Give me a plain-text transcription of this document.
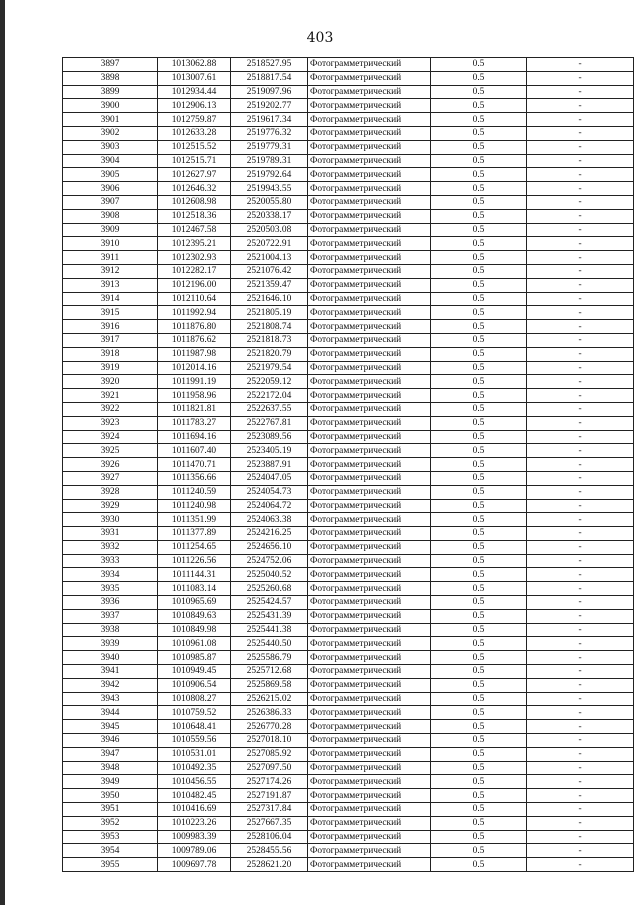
403
3897	1013062.88	2518527.95	Фотограмметрический	0.5	-
3898	1013007.61	2518817.54	Фотограмметрический	0.5	-
3899	1012934.44	2519097.96	Фотограмметрический	0.5	-
3900	1012906.13	2519202.77	Фотограмметрический	0.5	-
3901	1012759.87	2519617.34	Фотограмметрический	0.5	-
3902	1012633.28	2519776.32	Фотограмметрический	0.5	-
3903	1012515.52	2519779.31	Фотограмметрический	0.5	-
3904	1012515.71	2519789.31	Фотограмметрический	0.5	-
3905	1012627.97	2519792.64	Фотограмметрический	0.5	-
3906	1012646.32	2519943.55	Фотограмметрический	0.5	-
3907	1012608.98	2520055.80	Фотограмметрический	0.5	-
3908	1012518.36	2520338.17	Фотограмметрический	0.5	-
3909	1012467.58	2520503.08	Фотограмметрический	0.5	-
3910	1012395.21	2520722.91	Фотограмметрический	0.5	-
3911	1012302.93	2521004.13	Фотограмметрический	0.5	-
3912	1012282.17	2521076.42	Фотограмметрический	0.5	-
3913	1012196.00	2521359.47	Фотограмметрический	0.5	-
3914	1012110.64	2521646.10	Фотограмметрический	0.5	-
3915	1011992.94	2521805.19	Фотограмметрический	0.5	-
3916	1011876.80	2521808.74	Фотограмметрический	0.5	-
3917	1011876.62	2521818.73	Фотограмметрический	0.5	-
3918	1011987.98	2521820.79	Фотограмметрический	0.5	-
3919	1012014.16	2521979.54	Фотограмметрический	0.5	-
3920	1011991.19	2522059.12	Фотограмметрический	0.5	-
3921	1011958.96	2522172.04	Фотограмметрический	0.5	-
3922	1011821.81	2522637.55	Фотограмметрический	0.5	-
3923	1011783.27	2522767.81	Фотограмметрический	0.5	-
3924	1011694.16	2523089.56	Фотограмметрический	0.5	-
3925	1011607.40	2523405.19	Фотограмметрический	0.5	-
3926	1011470.71	2523887.91	Фотограмметрический	0.5	-
3927	1011356.66	2524047.05	Фотограмметрический	0.5	-
3928	1011240.59	2524054.73	Фотограмметрический	0.5	-
3929	1011240.98	2524064.72	Фотограмметрический	0.5	-
3930	1011351.99	2524063.38	Фотограмметрический	0.5	-
3931	1011377.89	2524216.25	Фотограмметрический	0.5	-
3932	1011254.65	2524656.10	Фотограмметрический	0.5	-
3933	1011226.56	2524752.06	Фотограмметрический	0.5	-
3934	1011144.31	2525040.52	Фотограмметрический	0.5	-
3935	1011083.14	2525260.68	Фотограмметрический	0.5	-
3936	1010965.69	2525424.57	Фотограмметрический	0.5	-
3937	1010849.63	2525431.39	Фотограмметрический	0.5	-
3938	1010849.98	2525441.38	Фотограмметрический	0.5	-
3939	1010961.08	2525440.50	Фотограмметрический	0.5	-
3940	1010985.87	2525586.79	Фотограмметрический	0.5	-
3941	1010949.45	2525712.68	Фотограмметрический	0.5	-
3942	1010906.54	2525869.58	Фотограмметрический	0.5	-
3943	1010808.27	2526215.02	Фотограмметрический	0.5	-
3944	1010759.52	2526386.33	Фотограмметрический	0.5	-
3945	1010648.41	2526770.28	Фотограмметрический	0.5	-
3946	1010559.56	2527018.10	Фотограмметрический	0.5	-
3947	1010531.01	2527085.92	Фотограмметрический	0.5	-
3948	1010492.35	2527097.50	Фотограмметрический	0.5	-
3949	1010456.55	2527174.26	Фотограмметрический	0.5	-
3950	1010482.45	2527191.87	Фотограмметрический	0.5	-
3951	1010416.69	2527317.84	Фотограмметрический	0.5	-
3952	1010223.26	2527667.35	Фотограмметрический	0.5	-
3953	1009983.39	2528106.04	Фотограмметрический	0.5	-
3954	1009789.06	2528455.56	Фотограмметрический	0.5	-
3955	1009697.78	2528621.20	Фотограмметрический	0.5	-
